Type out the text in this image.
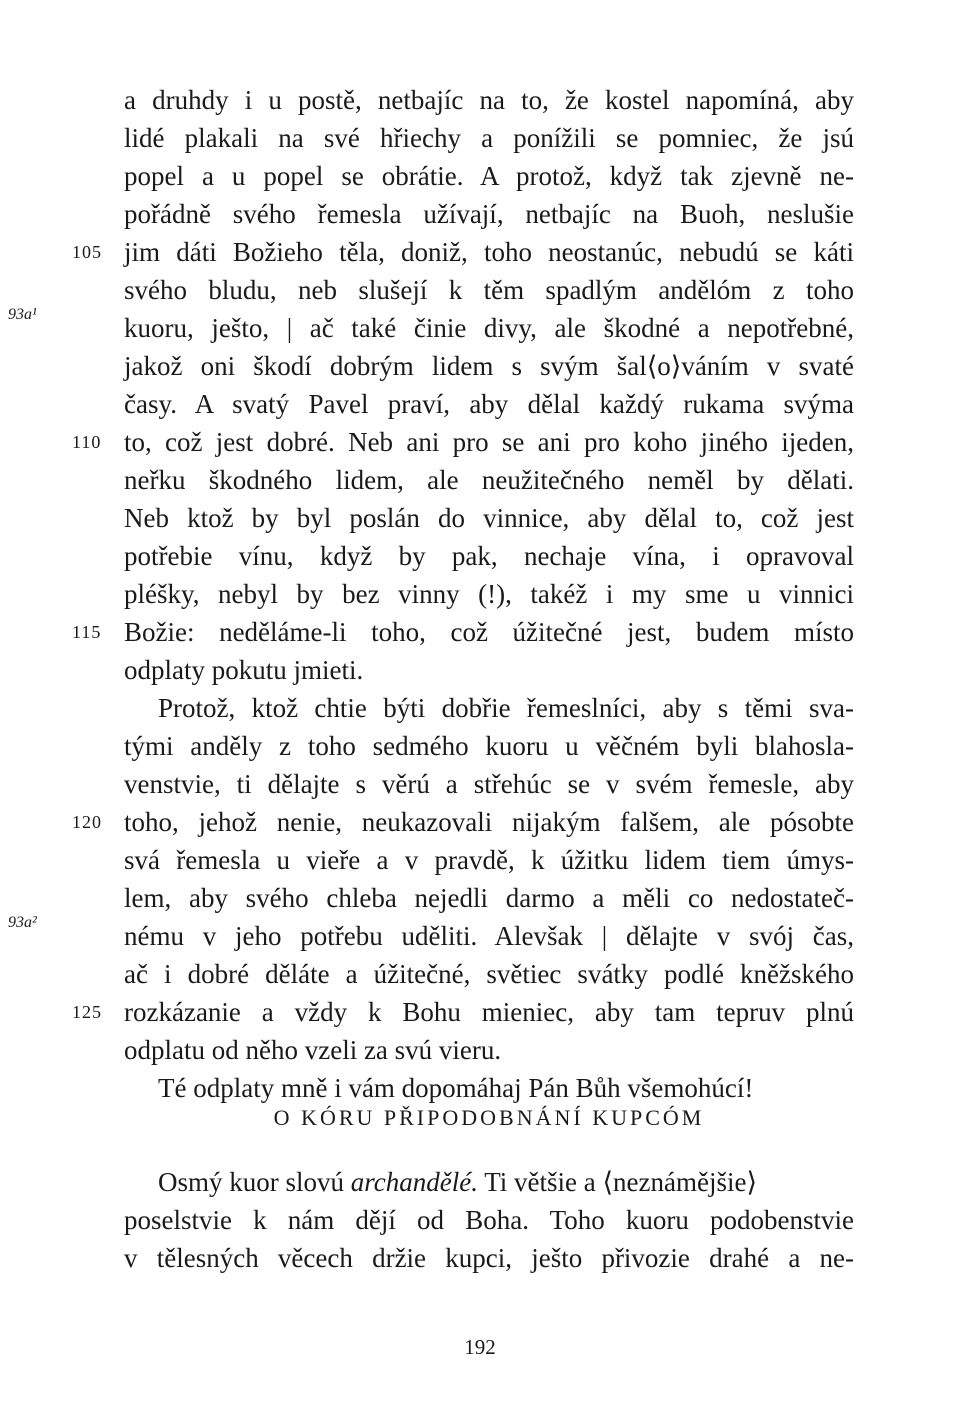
a druhdy i u postě, netbajíc na to, že kostel napomíná, aby
lidé plakali na své hřiechy a ponížili se pomniec, že jsú
popel a u popel se obrátie. A protož, když tak zjevně ne-
pořádně svého řemesla užívají, netbajíc na Buoh, neslušie
105 jim dáti Božieho těla, doniž, toho neostanúc, nebudú se káti
svého bludu, neb slušejí k těm spadlým andělóm z toho
93a¹	kuoru, ješto, | ač také činie divy, ale škodné a nepotřebné,
jakož oni škodí dobrým lidem s svým šal⟨o⟩váním v svaté
časy. A svatý Pavel praví, aby dělal každý rukama svýma
110 to, což jest dobré. Neb ani pro se ani pro koho jiného ijeden,
neřku škodného lidem, ale neužitečného neměl by dělati.
Neb ktož by byl poslán do vinnice, aby dělal to, což jest
potřebie vínu, když by pak, nechaje vína, i opravoval
pléšky, nebyl by bez vinny (!), takéž i my sme u vinnici
115 Božie: neděláme-li toho, což úžitečné jest, budem místo
odplaty pokutu jmieti.
Protož, ktož chtie býti dobřie řemeslníci, aby s těmi sva-
tými anděly z toho sedmého kuoru u věčném byli blahosla-
venstvie, ti dělajte s věrú a střehúc se v svém řemesle, aby
120 toho, jehož nenie, neukazovali nijakým falšem, ale pósobte
svá řemesla u vieře a v pravdě, k úžitku lidem tiem úmys-
lem, aby svého chleba nejedli darmo a měli co nedostateč-
93a²	nému v jeho potřebu uděliti. Alevšak | dělajte v svój čas,
ač i dobré děláte a úžitečné, světiec svátky podlé kněžského
125 rozkázanie a vždy k Bohu mieniec, aby tam tepruv plnú
odplatu od něho vzeli za svú vieru.
Té odplaty mně i vám dopomáhaj Pán Bůh všemohúcí!
O KÓRU PŘIPODOBNÁNÍ KUPCÓM
Osmý kuor slovú archandělé. Ti většie a ⟨neznámějšie⟩
poselstvie k nám dějí od Boha. Toho kuoru podobenstvie
v tělesných věcech držie kupci, ješto přivozie drahé a ne-
192
